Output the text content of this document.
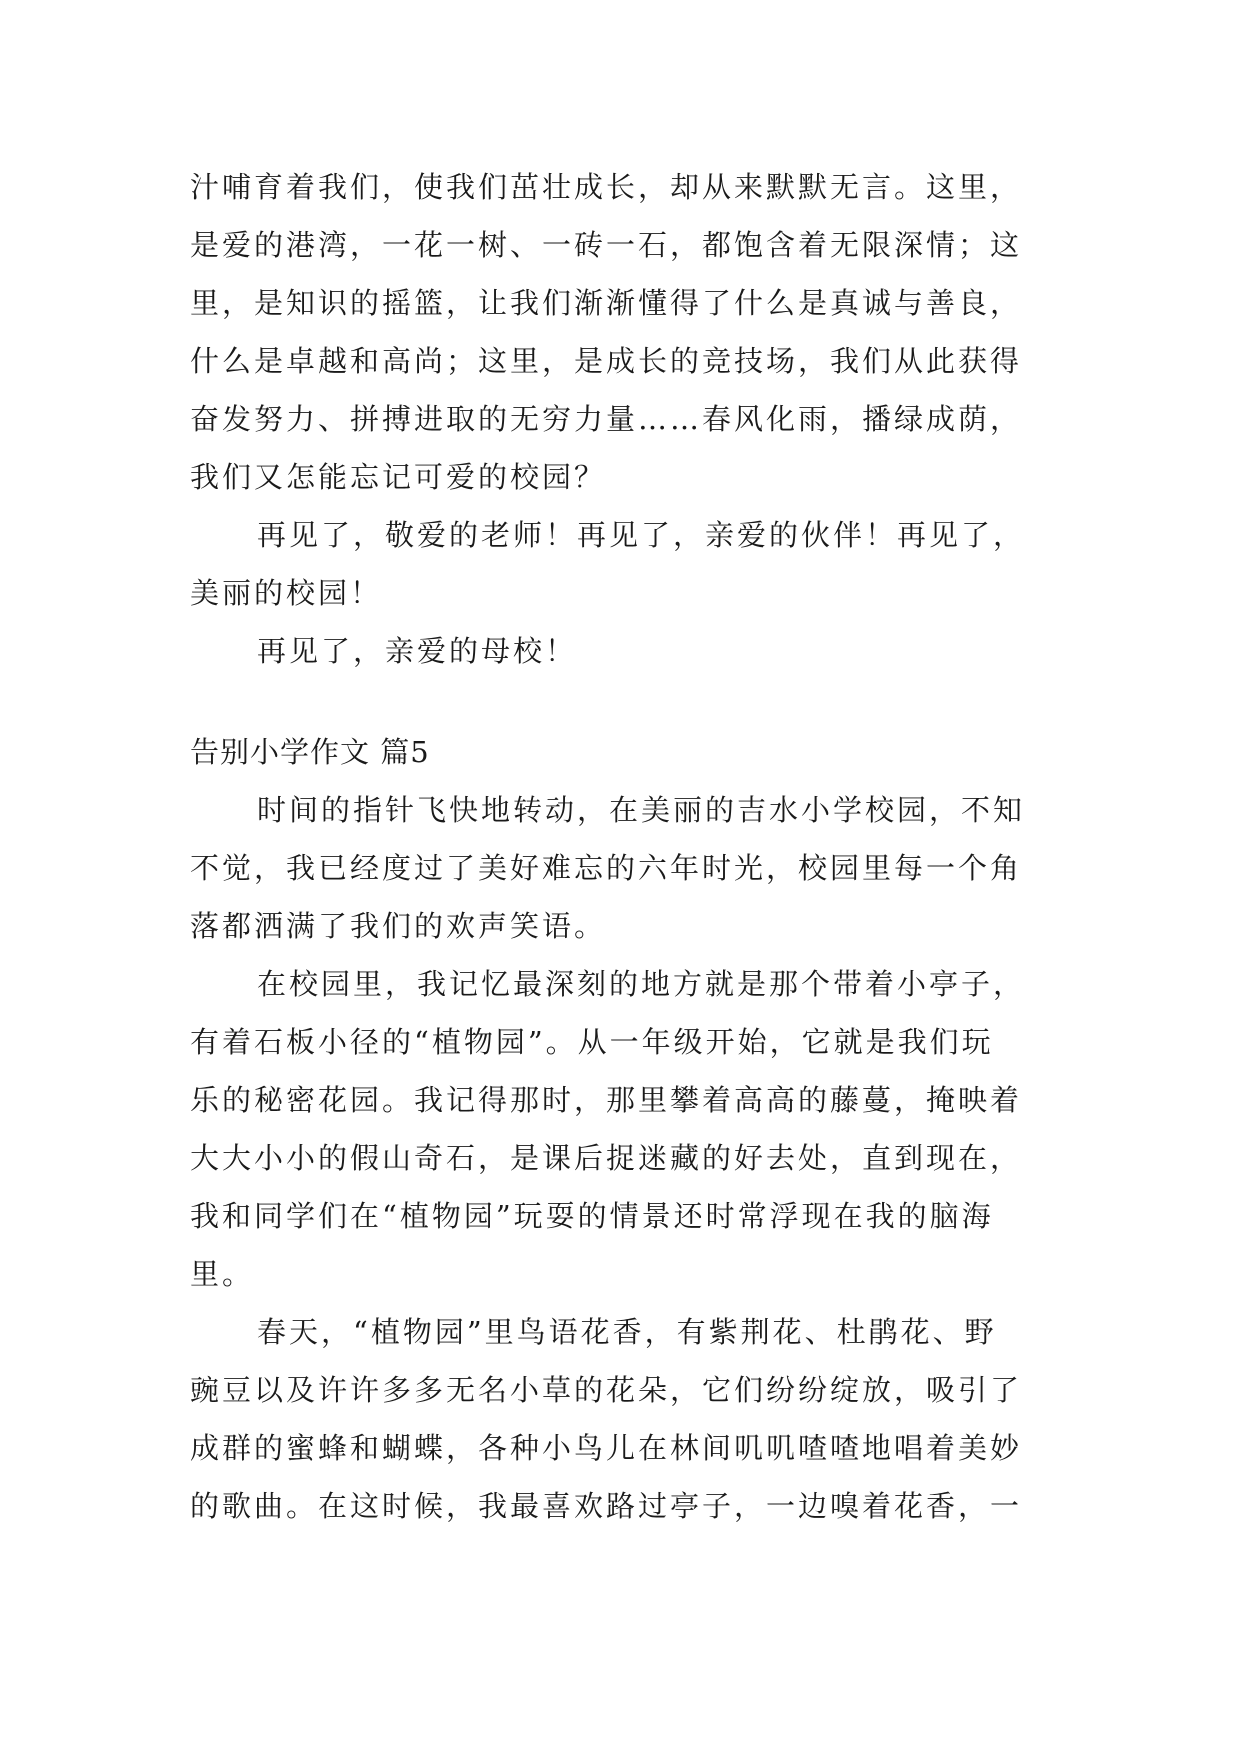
汁哺育着我们，使我们茁壮成长，却从来默默无言。这里，
是爱的港湾，一花一树、一砖一石，都饱含着无限深情；这
里，是知识的摇篮，让我们渐渐懂得了什么是真诚与善良，
什么是卓越和高尚；这里，是成长的竞技场，我们从此获得
奋发努力、拼搏进取的无穷力量……春风化雨，播绿成荫，
我们又怎能忘记可爱的校园？
再见了，敬爱的老师！再见了，亲爱的伙伴！再见了，
美丽的校园！
再见了，亲爱的母校！
告别小学作文 篇5
时间的指针飞快地转动，在美丽的吉水小学校园，不知
不觉，我已经度过了美好难忘的六年时光，校园里每一个角
落都洒满了我们的欢声笑语。
在校园里，我记忆最深刻的地方就是那个带着小亭子，
有着石板小径的“植物园”。从一年级开始，它就是我们玩
乐的秘密花园。我记得那时，那里攀着高高的藤蔓，掩映着
大大小小的假山奇石，是课后捉迷藏的好去处，直到现在，
我和同学们在“植物园”玩耍的情景还时常浮现在我的脑海
里。
春天，“植物园”里鸟语花香，有紫荆花、杜鹃花、野
豌豆以及许许多多无名小草的花朵，它们纷纷绽放，吸引了
成群的蜜蜂和蝴蝶，各种小鸟儿在林间叽叽喳喳地唱着美妙
的歌曲。在这时候，我最喜欢路过亭子，一边嗅着花香，一
